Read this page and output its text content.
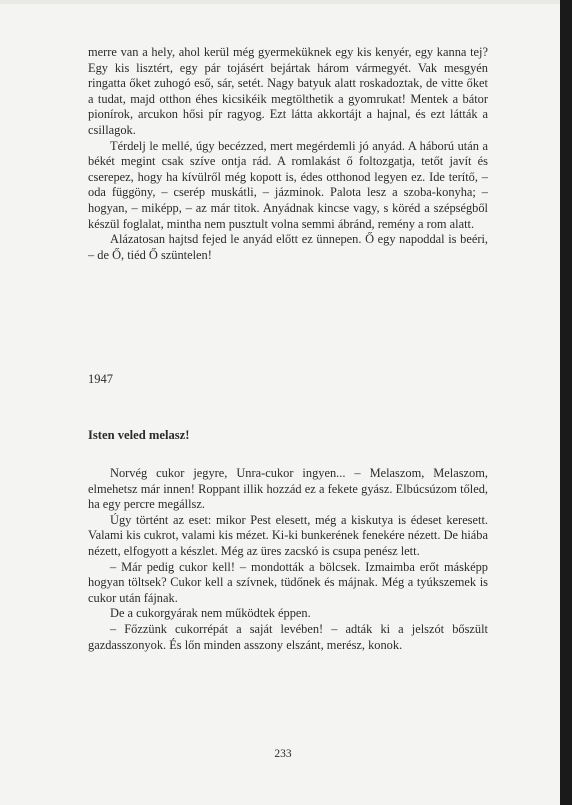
merre van a hely, ahol kerül még gyermeküknek egy kis kenyér, egy kanna tej? Egy kis lisztért, egy pár tojásért bejártak három vármegyét. Vak mesgyén ringatta őket zuhogó eső, sár, setét. Nagy batyuk alatt roskadoztak, de vitte őket a tudat, majd otthon éhes kicsikéik megtölthetik a gyomrukat! Mentek a bátor pionírok, arcukon hősi pír ragyog. Ezt látta akkortájt a hajnal, és ezt látták a csillagok.

Térdelj le mellé, úgy becézzed, mert megérdemli jó anyád. A háború után a békét megint csak szíve ontja rád. A romlakást ő foltozgatja, tetőt javít és cserepez, hogy ha kívülről még kopott is, édes otthonod legyen ez. Ide terítő, – oda függöny, – cserép muskátli, – jázminok. Palota lesz a szoba-konyha; – hogyan, – miképp, – az már titok. Anyádnak kincse vagy, s köréd a szépségből készül foglalat, mintha nem pusztult volna semmi ábránd, remény a rom alatt.

Alázatosan hajtsd fejed le anyád előtt ez ünnepen. Ő egy napoddal is beéri, – de Ő, tiéd Ő szüntelen!

1947
Isten veled melasz!

Norvég cukor jegyre, Unra-cukor ingyen... – Melaszom, Melaszom, elmehetsz már innen! Roppant illik hozzád ez a fekete gyász. Elbúcsúzom tőled, ha egy percre megállsz.

Úgy történt az eset: mikor Pest elesett, még a kiskutya is édeset keresett. Valami kis cukrot, valami kis mézet. Ki-ki bunkerének fenekére nézett. De hiába nézett, elfogyott a készlet. Még az üres zacskó is csupa penész lett.

– Már pedig cukor kell! – mondották a bölcsek. Izmaimba erőt másképp hogyan töltsek? Cukor kell a szívnek, tüdőnek és májnak. Még a tyúkszemek is cukor után fájnak.

De a cukorgyárak nem működtek éppen.

– Főzzünk cukorrépát a saját levében! – adták ki a jelszót bőszült gazdasszonyok. És lőn minden asszony elszánt, merész, konok.

233
